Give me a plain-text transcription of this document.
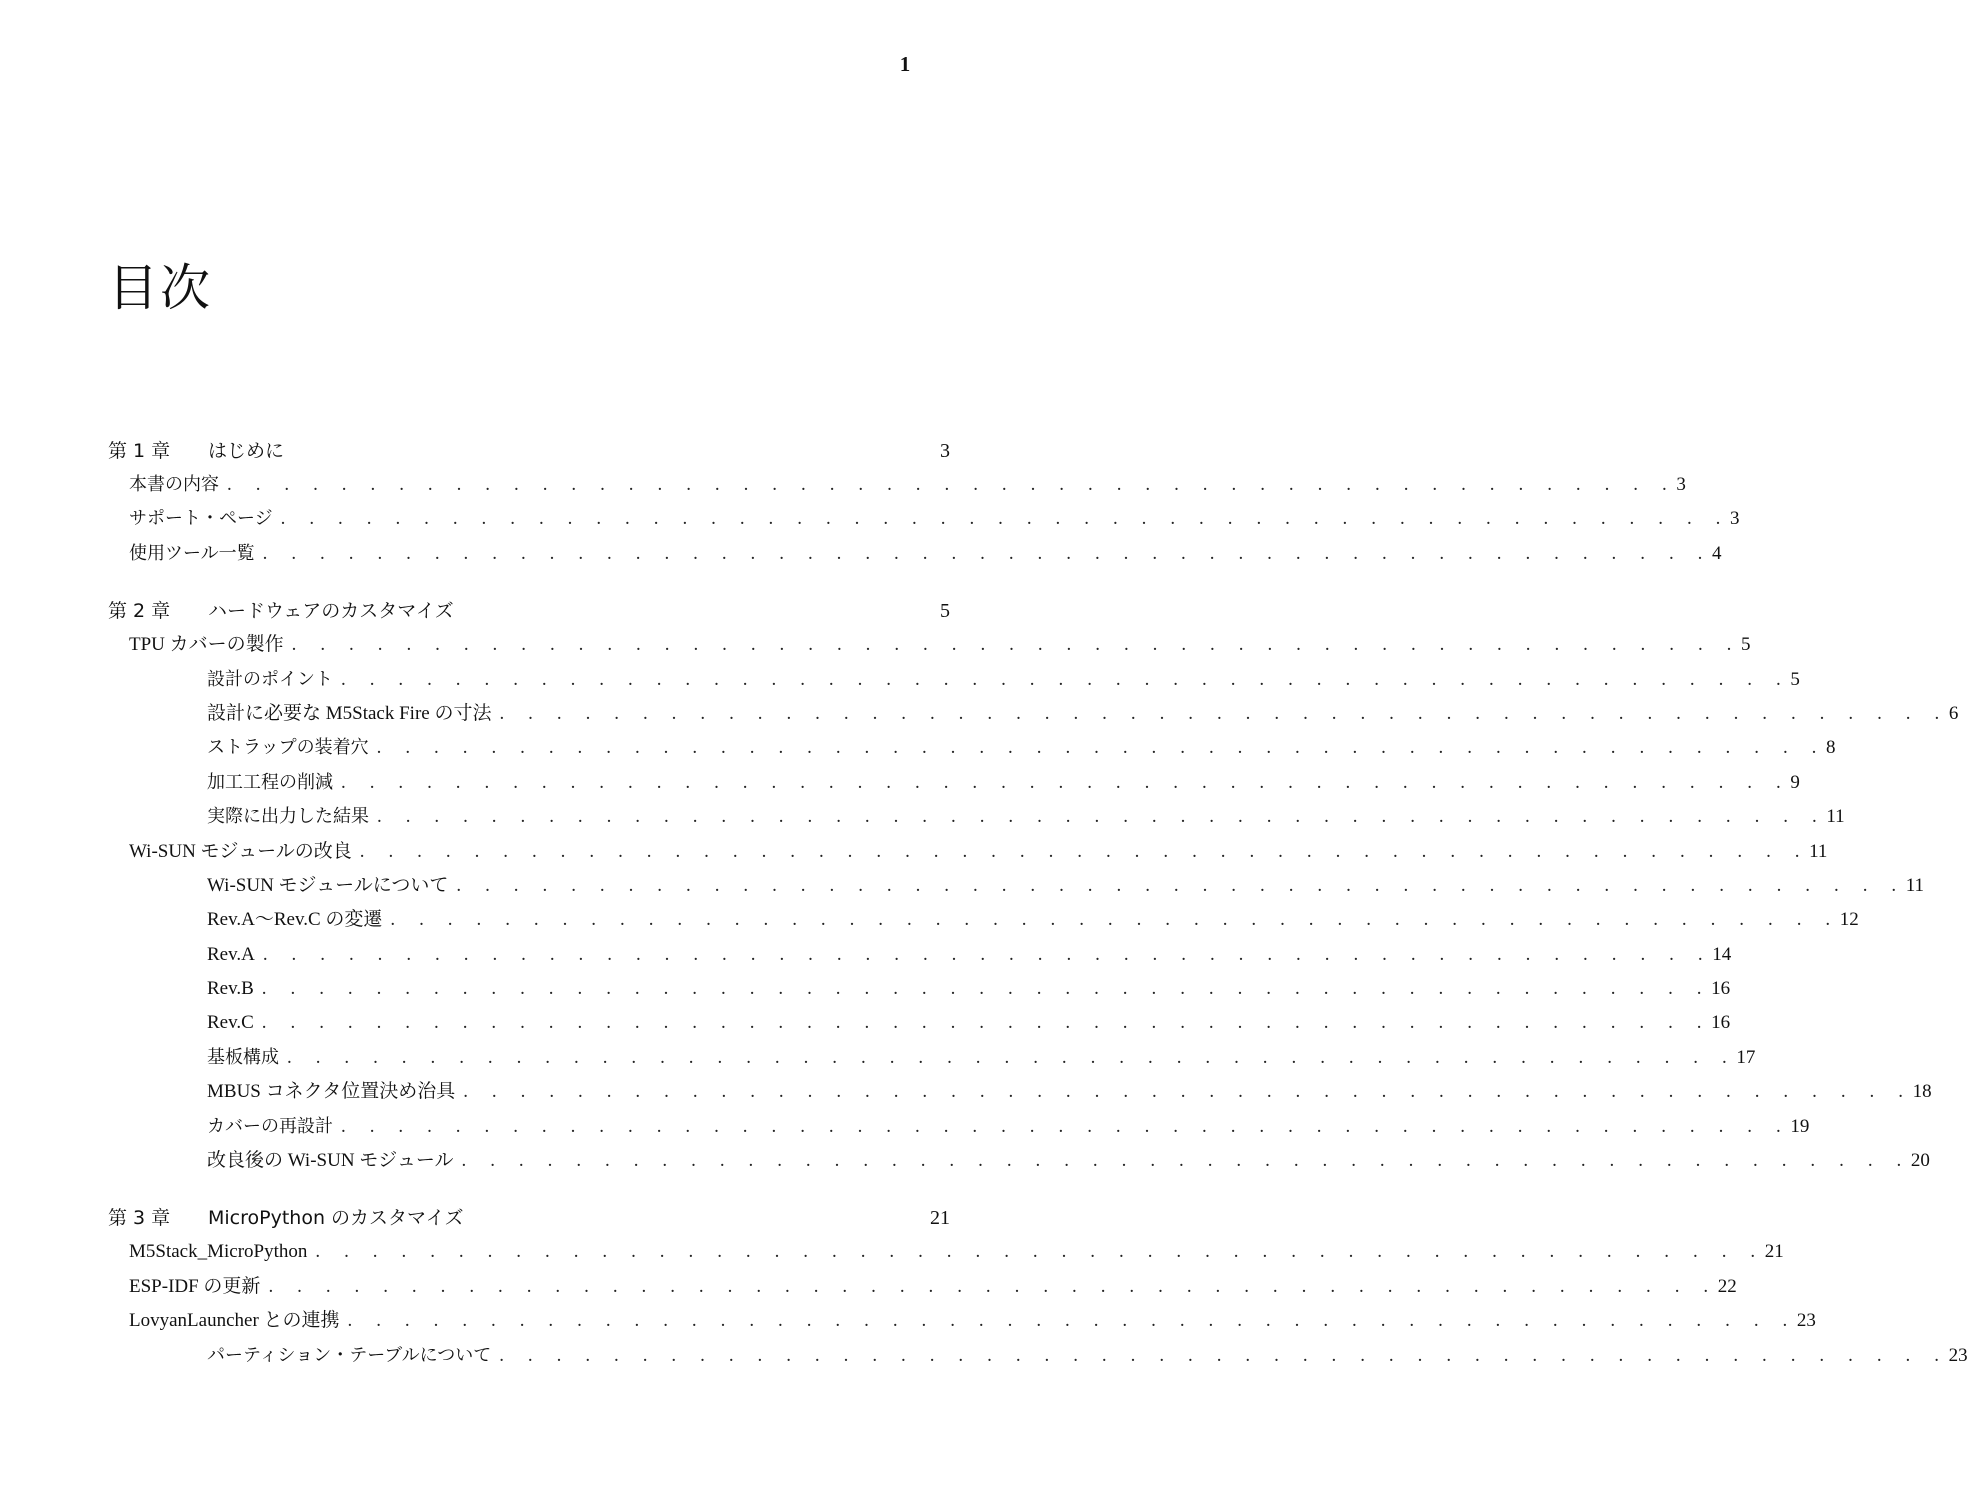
1
目次
第 1 章	はじめに	3
本書の内容 . . . . . . . . . . . . . . . . . . . . . . . . . . . . . . . . . . . . . . . . . . . . . . . . . . . 3
サポート・ページ . . . . . . . . . . . . . . . . . . . . . . . . . . . . . . . . . . . . . . . . . . . . . . . . . . . 3
使用ツール一覧 . . . . . . . . . . . . . . . . . . . . . . . . . . . . . . . . . . . . . . . . . . . . . . . . . . . 4
第 2 章	ハードウェアのカスタマイズ	5
TPU カバーの製作 . . . . . . . . . . . . . . . . . . . . . . . . . . . . . . . . . . . . . . . . . . . . . . . . . . . 5
設計のポイント . . . . . . . . . . . . . . . . . . . . . . . . . . . . . . . . . . . . . . . . . . . . . . . . . . . 5
設計に必要な M5Stack Fire の寸法 . . . . . . . . . . . . . . . . . . . . . . . . . . . . . . . . . . . . . . . . . . . . . . . . . . . 6
ストラップの装着穴 . . . . . . . . . . . . . . . . . . . . . . . . . . . . . . . . . . . . . . . . . . . . . . . . . . . 8
加工工程の削減 . . . . . . . . . . . . . . . . . . . . . . . . . . . . . . . . . . . . . . . . . . . . . . . . . . . 9
実際に出力した結果 . . . . . . . . . . . . . . . . . . . . . . . . . . . . . . . . . . . . . . . . . . . . . . . . . . . 11
Wi-SUN モジュールの改良 . . . . . . . . . . . . . . . . . . . . . . . . . . . . . . . . . . . . . . . . . . . . . . . . . . . 11
Wi-SUN モジュールについて . . . . . . . . . . . . . . . . . . . . . . . . . . . . . . . . . . . . . . . . . . . . . . . . . . . 11
Rev.A～Rev.C の変遷 . . . . . . . . . . . . . . . . . . . . . . . . . . . . . . . . . . . . . . . . . . . . . . . . . . . 12
Rev.A . . . . . . . . . . . . . . . . . . . . . . . . . . . . . . . . . . . . . . . . . . . . . . . . . . . 14
Rev.B . . . . . . . . . . . . . . . . . . . . . . . . . . . . . . . . . . . . . . . . . . . . . . . . . . . 16
Rev.C . . . . . . . . . . . . . . . . . . . . . . . . . . . . . . . . . . . . . . . . . . . . . . . . . . . 16
基板構成 . . . . . . . . . . . . . . . . . . . . . . . . . . . . . . . . . . . . . . . . . . . . . . . . . . . 17
MBUS コネクタ位置決め治具 . . . . . . . . . . . . . . . . . . . . . . . . . . . . . . . . . . . . . . . . . . . . . . . . . . . 18
カバーの再設計 . . . . . . . . . . . . . . . . . . . . . . . . . . . . . . . . . . . . . . . . . . . . . . . . . . . 19
改良後の Wi-SUN モジュール . . . . . . . . . . . . . . . . . . . . . . . . . . . . . . . . . . . . . . . . . . . . . . . . . . . 20
第 3 章	MicroPython のカスタマイズ	21
M5Stack_MicroPython . . . . . . . . . . . . . . . . . . . . . . . . . . . . . . . . . . . . . . . . . . . . . . . . . . . 21
ESP-IDF の更新 . . . . . . . . . . . . . . . . . . . . . . . . . . . . . . . . . . . . . . . . . . . . . . . . . . . 22
LovyanLauncher との連携 . . . . . . . . . . . . . . . . . . . . . . . . . . . . . . . . . . . . . . . . . . . . . . . . . . . 23
パーティション・テーブルについて . . . . . . . . . . . . . . . . . . . . . . . . . . . . . . . . . . . . . . . . . . . . . . . . . . . 23
